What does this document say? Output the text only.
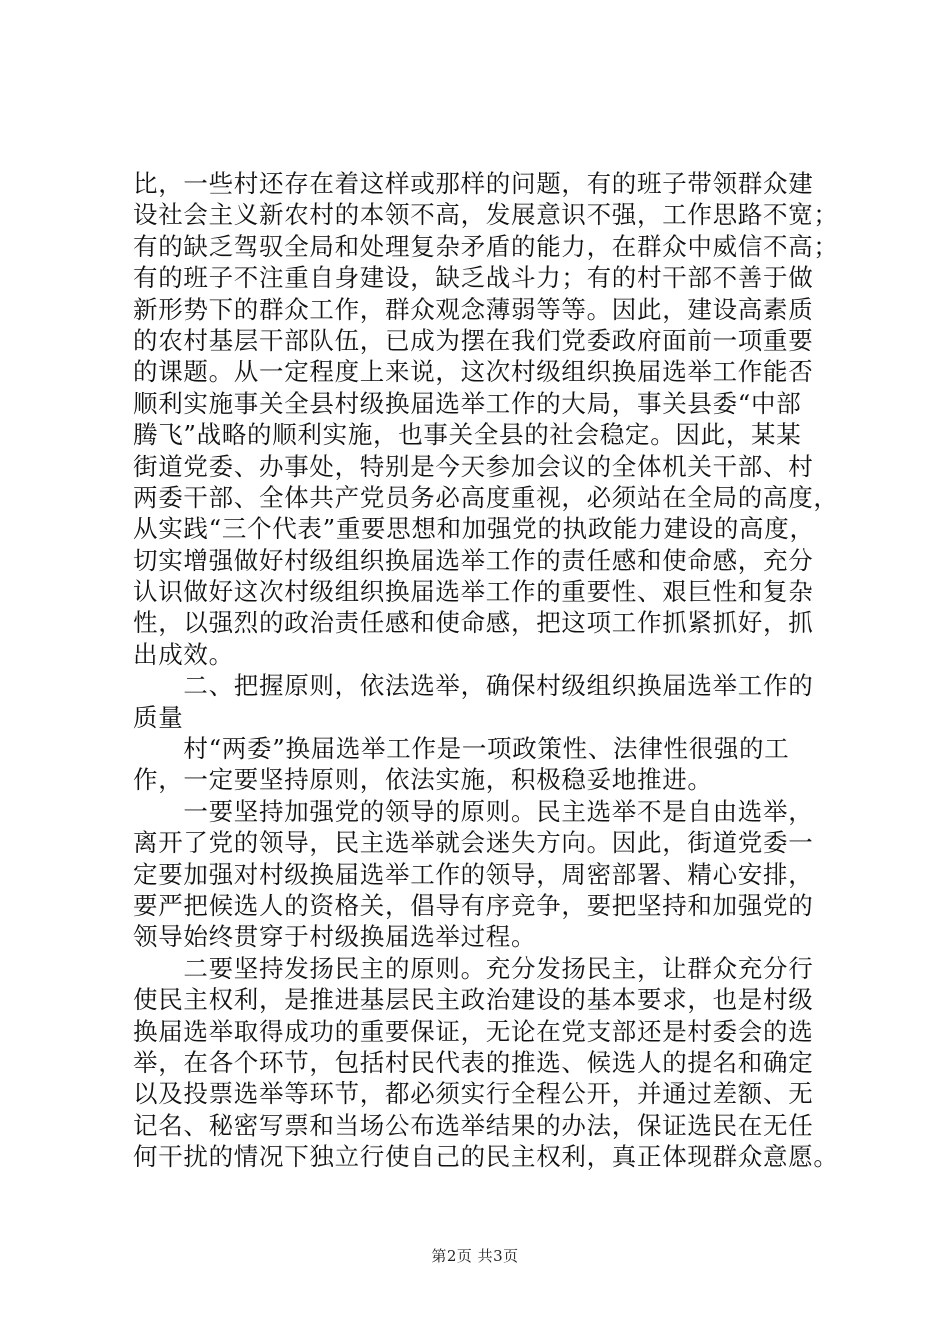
比，一些村还存在着这样或那样的问题，有的班子带领群众建
设社会主义新农村的本领不高，发展意识不强，工作思路不宽；
有的缺乏驾驭全局和处理复杂矛盾的能力，在群众中威信不高；
有的班子不注重自身建设，缺乏战斗力；有的村干部不善于做
新形势下的群众工作，群众观念薄弱等等。因此，建设高素质
的农村基层干部队伍，已成为摆在我们党委政府面前一项重要
的课题。从一定程度上来说，这次村级组织换届选举工作能否
顺利实施事关全县村级换届选举工作的大局，事关县委“中部
腾飞”战略的顺利实施，也事关全县的社会稳定。因此，某某
街道党委、办事处，特别是今天参加会议的全体机关干部、村
两委干部、全体共产党员务必高度重视，必须站在全局的高度，
从实践“三个代表”重要思想和加强党的执政能力建设的高度，
切实增强做好村级组织换届选举工作的责任感和使命感，充分
认识做好这次村级组织换届选举工作的重要性、艰巨性和复杂
性，以强烈的政治责任感和使命感，把这项工作抓紧抓好，抓
出成效。
　　二、把握原则，依法选举，确保村级组织换届选举工作的
质量
　　村“两委”换届选举工作是一项政策性、法律性很强的工
作，一定要坚持原则，依法实施，积极稳妥地推进。
　　一要坚持加强党的领导的原则。民主选举不是自由选举，
离开了党的领导，民主选举就会迷失方向。因此，街道党委一
定要加强对村级换届选举工作的领导，周密部署、精心安排，
要严把候选人的资格关，倡导有序竞争，要把坚持和加强党的
领导始终贯穿于村级换届选举过程。
　　二要坚持发扬民主的原则。充分发扬民主，让群众充分行
使民主权利，是推进基层民主政治建设的基本要求，也是村级
换届选举取得成功的重要保证，无论在党支部还是村委会的选
举，在各个环节，包括村民代表的推选、候选人的提名和确定
以及投票选举等环节，都必须实行全程公开，并通过差额、无
记名、秘密写票和当场公布选举结果的办法，保证选民在无任
何干扰的情况下独立行使自己的民主权利，真正体现群众意愿。
第2页 共3页
